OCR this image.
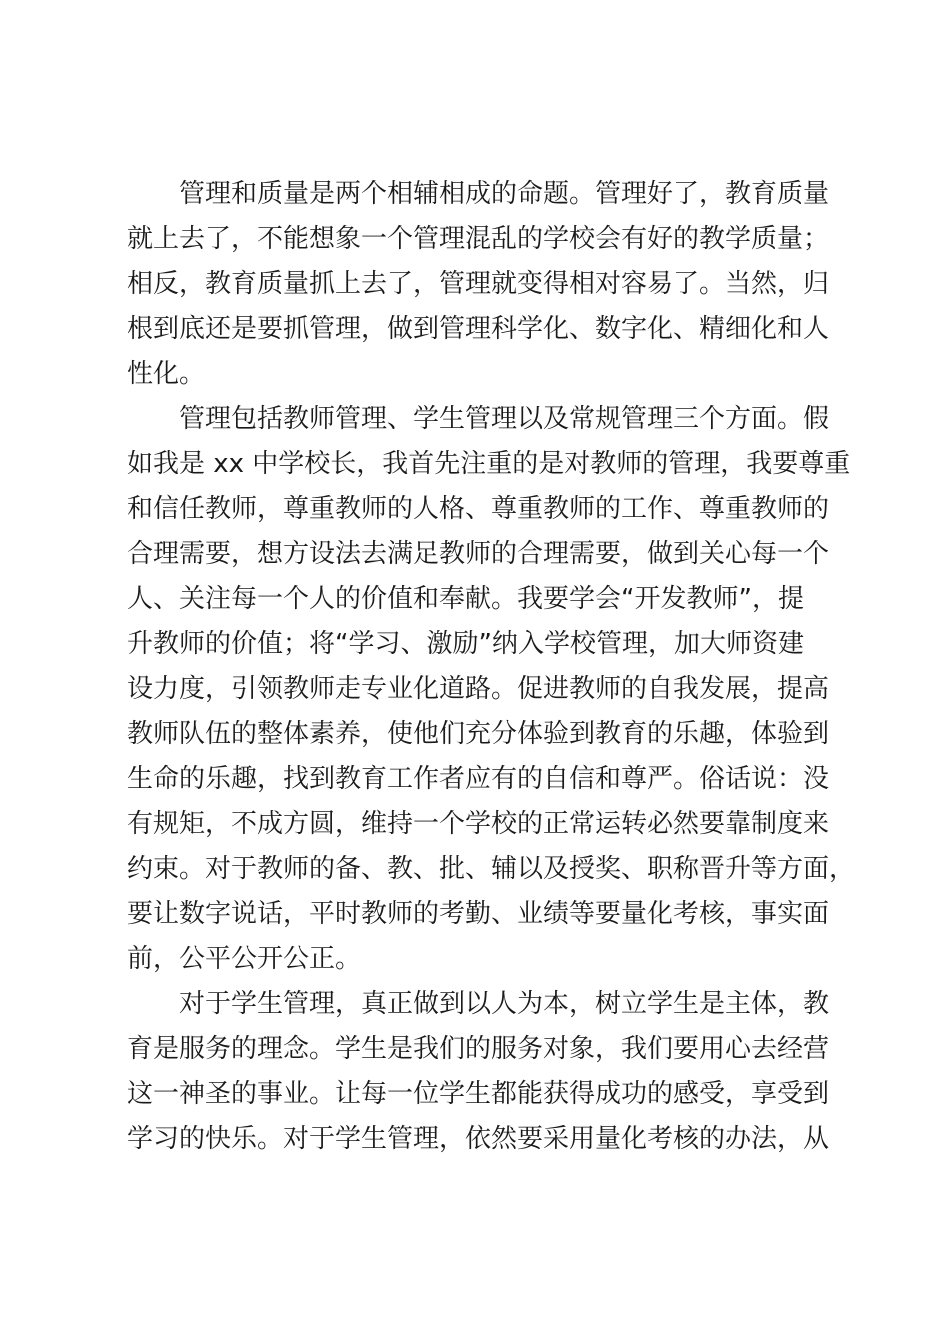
管理和质量是两个相辅相成的命题。管理好了，教育质量
就上去了，不能想象一个管理混乱的学校会有好的教学质量；
相反，教育质量抓上去了，管理就变得相对容易了。当然，归
根到底还是要抓管理，做到管理科学化、数字化、精细化和人
性化。

管理包括教师管理、学生管理以及常规管理三个方面。假
如我是 xx 中学校长，我首先注重的是对教师的管理，我要尊重
和信任教师，尊重教师的人格、尊重教师的工作、尊重教师的
合理需要，想方设法去满足教师的合理需要，做到关心每一个
人、关注每一个人的价值和奉献。我要学会“开发教师”，提
升教师的价值；将“学习、激励”纳入学校管理，加大师资建
设力度，引领教师走专业化道路。促进教师的自我发展，提高
教师队伍的整体素养，使他们充分体验到教育的乐趣，体验到
生命的乐趣，找到教育工作者应有的自信和尊严。俗话说：没
有规矩，不成方圆，维持一个学校的正常运转必然要靠制度来
约束。对于教师的备、教、批、辅以及授奖、职称晋升等方面，
要让数字说话，平时教师的考勤、业绩等要量化考核，事实面
前，公平公开公正。

对于学生管理，真正做到以人为本，树立学生是主体，教
育是服务的理念。学生是我们的服务对象，我们要用心去经营
这一神圣的事业。让每一位学生都能获得成功的感受，享受到
学习的快乐。对于学生管理，依然要采用量化考核的办法，从
